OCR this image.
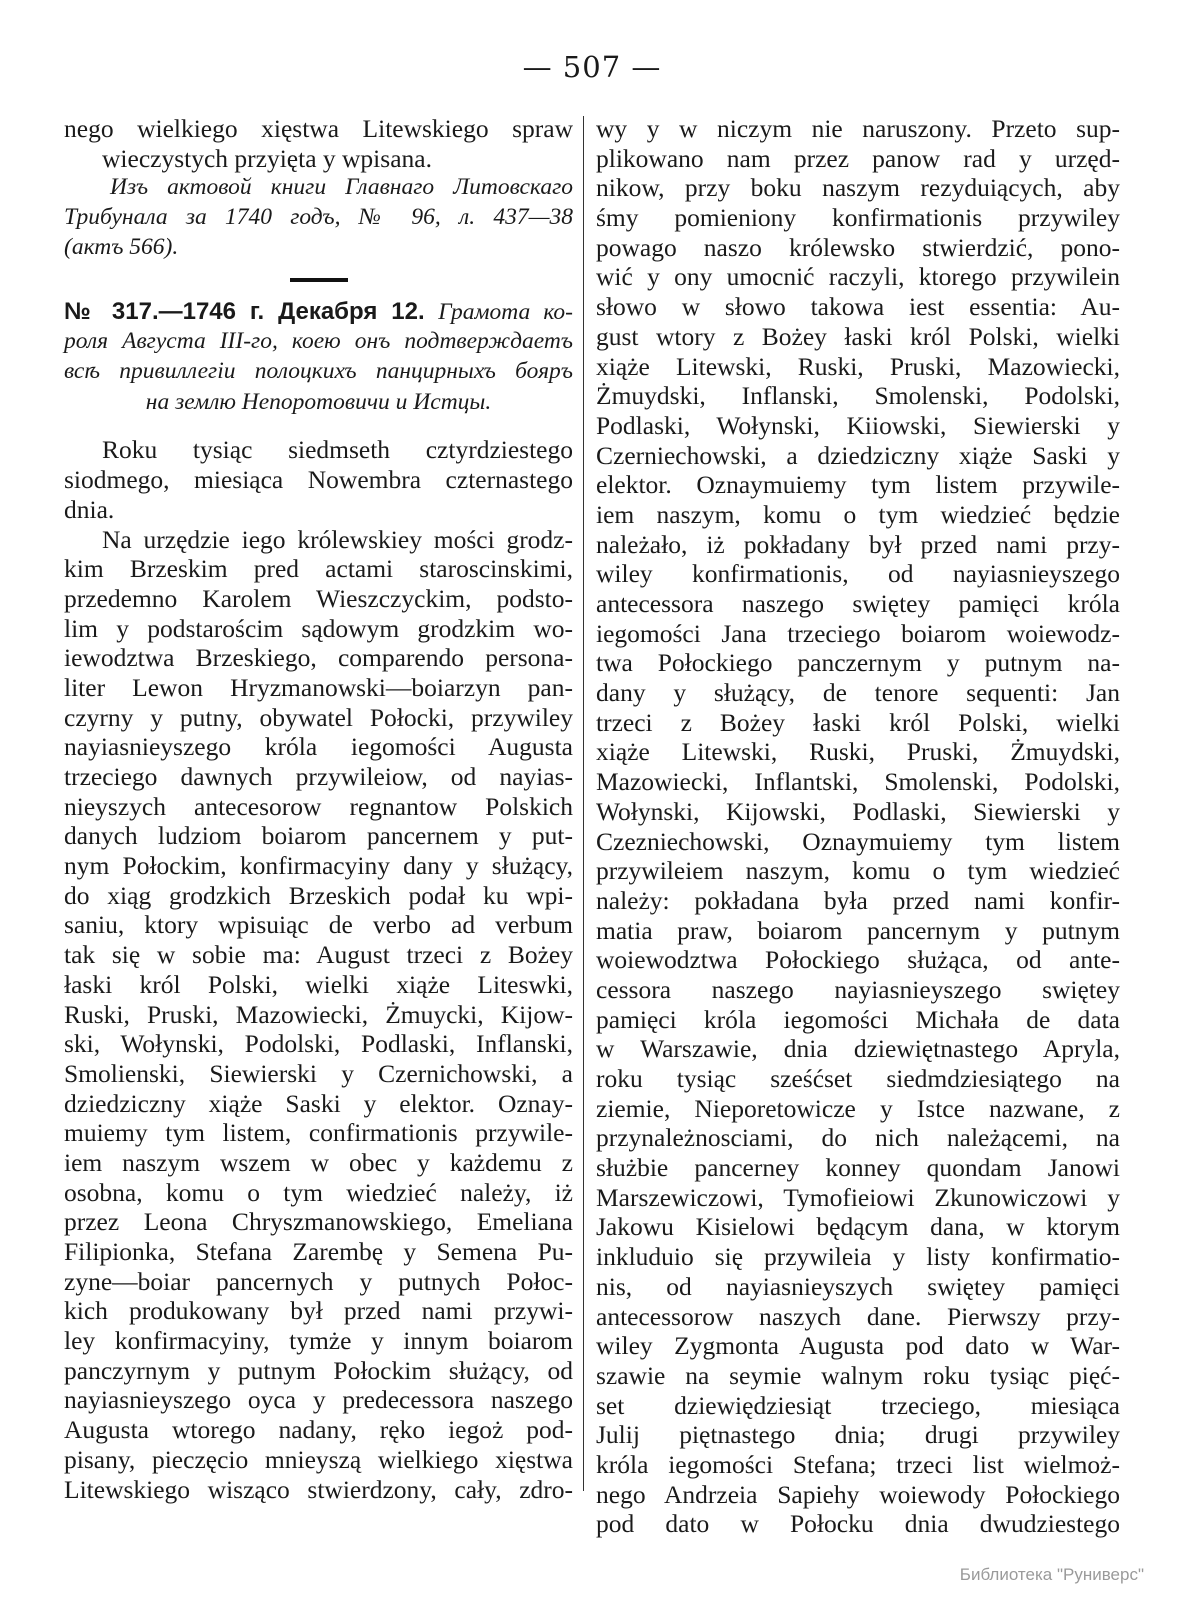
— 507 —
nego wielkiego xięstwa Litewskiego spraw
wieczystych przyięta y wpisana.
Изъ актовой книги Главнаго Литовскаго
Трибунала за 1740 годъ, № 96, л. 437—38
(актъ 566).
№ 317.—1746 г. Декабря 12. Грамота ко-
роля Августа III-го, коею онъ подтверждаетъ
всѣ привиллегіи полоцкихъ панцирныхъ бояръ
на землю Непоротовичи и Истцы.
Roku tysiąc siedmseth cztyrdziestego
siodmego, miesiąca Nowembra czternastego
dnia.
Na urzędzie iego królewskiey mości grodz-
kim Brzeskim pred actami staroscinskimi,
przedemno Karolem Wieszczyckim, podsto-
lim y podstarościm sądowym grodzkim wo-
iewodztwa Brzeskiego, comparendo persona-
liter Lewon Hryzmanowski—boiarzyn pan-
czyrny y putny, obywatel Połocki, przywiley
nayiasnieyszego króla iegomości Augusta
trzeciego dawnych przywileiow, od nayias-
nieyszych antecesorow regnantow Polskich
danych ludziom boiarom pancernem y put-
nym Połockim, konfirmacyiny dany y służący,
do xiąg grodzkich Brzeskich podał ku wpi-
saniu, ktory wpisuiąc de verbo ad verbum
tak się w sobie ma: August trzeci z Bożey
łaski król Polski, wielki xiąże Liteswki,
Ruski, Pruski, Mazowiecki, Żmuycki, Kijow-
ski, Wołynski, Podolski, Podlaski, Inflanski,
Smolienski, Siewierski y Czernichowski, a
dziedziczny xiąże Saski y elektor. Oznay-
muiemy tym listem, confirmationis przywile-
iem naszym wszem w obec y każdemu z
osobna, komu o tym wiedzieć należy, iż
przez Leona Chryszmanowskiego, Emeliana
Filipionka, Stefana Zarembę y Semena Pu-
zyne—boiar pancernych y putnych Połoc-
kich produkowany był przed nami przywi-
ley konfirmacyiny, tymże y innym boiarom
panczyrnym y putnym Połockim służący, od
nayiasnieyszego oyca y predecessora naszego
Augusta wtorego nadany, ręko iegoż pod-
pisany, pieczęcio mnieyszą wielkiego xięstwa
Litewskiego wisząco stwierdzony, cały, zdro-
wy y w niczym nie naruszony. Przeto sup-
plikowano nam przez panow rad y urzęd-
nikow, przy boku naszym rezyduiących, aby
śmy pomieniony konfirmationis przywiley
powago naszo królewsko stwierdzić, pono-
wić y ony umocnić raczyli, ktorego przywilein
słowo w słowo takowa iest essentia: Au-
gust wtory z Bożey łaski król Polski, wielki
xiąże Litewski, Ruski, Pruski, Mazowiecki,
Żmuydski, Inflanski, Smolenski, Podolski,
Podlaski, Wołynski, Kiiowski, Siewierski y
Czerniechowski, a dziedziczny xiąże Saski y
elektor. Oznaymuiemy tym listem przywile-
iem naszym, komu o tym wiedzieć będzie
należało, iż pokładany był przed nami przy-
wiley konfirmationis, od nayiasnieyszego
antecessora naszego swiętey pamięci króla
iegomości Jana trzeciego boiarom woiewodz-
twa Połockiego panczernym y putnym na-
dany y służący, de tenore sequenti: Jan
trzeci z Bożey łaski król Polski, wielki
xiąże Litewski, Ruski, Pruski, Żmuydski,
Mazowiecki, Inflantski, Smolenski, Podolski,
Wołynski, Kijowski, Podlaski, Siewierski y
Czezniechowski, Oznaymuiemy tym listem
przywileiem naszym, komu o tym wiedzieć
należy: pokładana była przed nami konfir-
matia praw, boiarom pancernym y putnym
woiewodztwa Połockiego służąca, od ante-
cessora naszego nayiasnieyszego swiętey
pamięci króla iegomości Michała de data
w Warszawie, dnia dziewiętnastego Apryla,
roku tysiąc sześćset siedmdziesiątego na
ziemie, Nieporetowicze y Istce nazwane, z
przynależnosciami, do nich należącemi, na
służbie pancerney konney quondam Janowi
Marszewiczowi, Tymofieiowi Zkunowiczowi y
Jakowu Kisielowi będącym dana, w ktorym
inkluduio się przywileia y listy konfirmatio-
nis, od nayiasnieyszych swiętey pamięci
antecessorow naszych dane. Pierwszy przy-
wiley Zygmonta Augusta pod dato w War-
szawie na seymie walnym roku tysiąc pięć-
set dziewiędziesiąt trzeciego, miesiąca
Julij piętnastego dnia; drugi przywiley
króla iegomości Stefana; trzeci list wielmoż-
nego Andrzeia Sapiehy woiewody Połockiego
pod dato w Połocku dnia dwudziestego
Библиотека "Руниверс"
